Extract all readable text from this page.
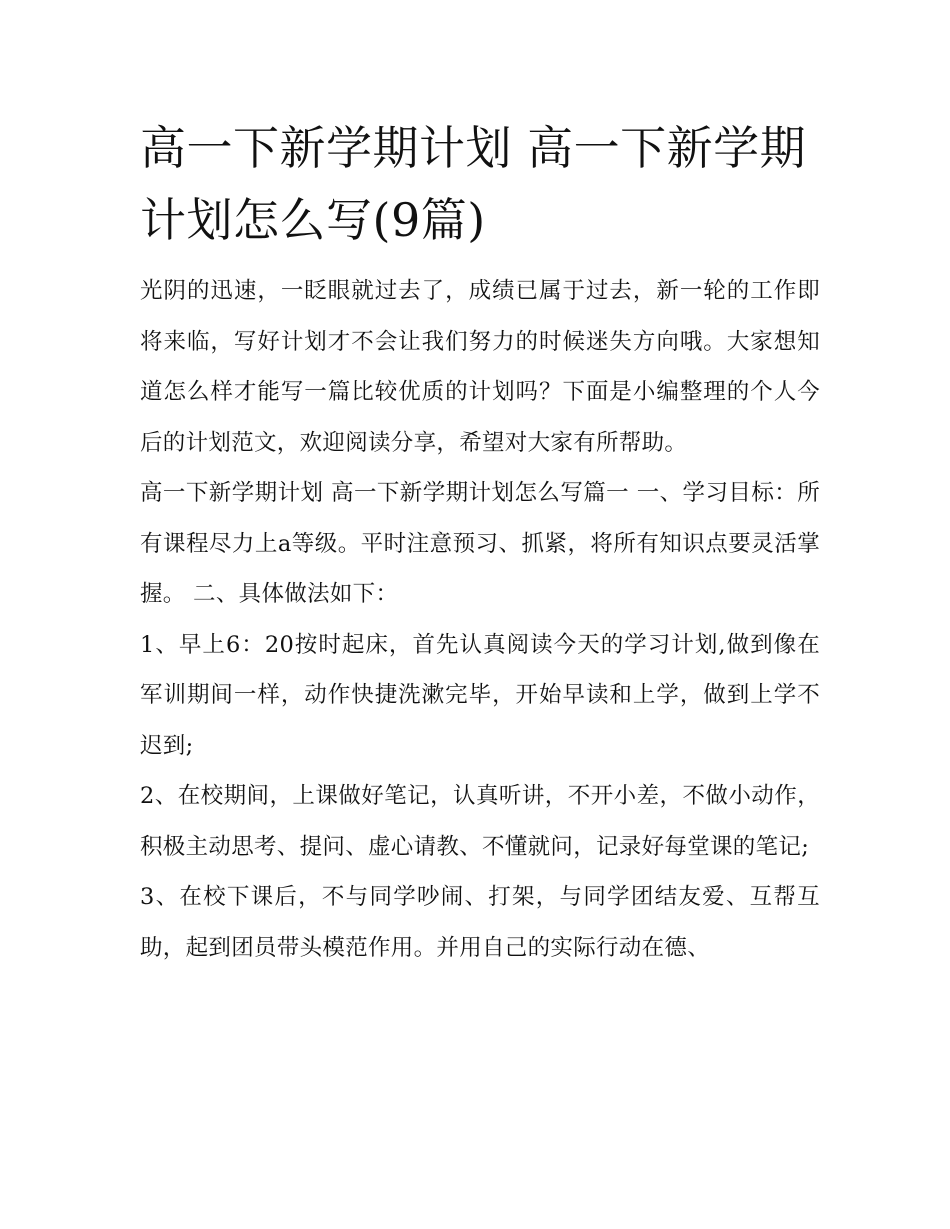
高一下新学期计划 高一下新学期计划怎么写(9篇)

光阴的迅速，一眨眼就过去了，成绩已属于过去，新一轮的工作即将来临，写好计划才不会让我们努力的时候迷失方向哦。大家想知道怎么样才能写一篇比较优质的计划吗？下面是小编整理的个人今后的计划范文，欢迎阅读分享，希望对大家有所帮助。

高一下新学期计划 高一下新学期计划怎么写篇一 一、学习目标：所有课程尽力上a等级。平时注意预习、抓紧，将所有知识点要灵活掌握。 二、具体做法如下：

1、早上6：20按时起床，首先认真阅读今天的学习计划,做到像在军训期间一样，动作快捷洗漱完毕，开始早读和上学，做到上学不迟到;

2、在校期间，上课做好笔记，认真听讲，不开小差，不做小动作，积极主动思考、提问、虚心请教、不懂就问，记录好每堂课的笔记;

3、在校下课后，不与同学吵闹、打架，与同学团结友爱、互帮互助，起到团员带头模范作用。并用自己的实际行动在德、
